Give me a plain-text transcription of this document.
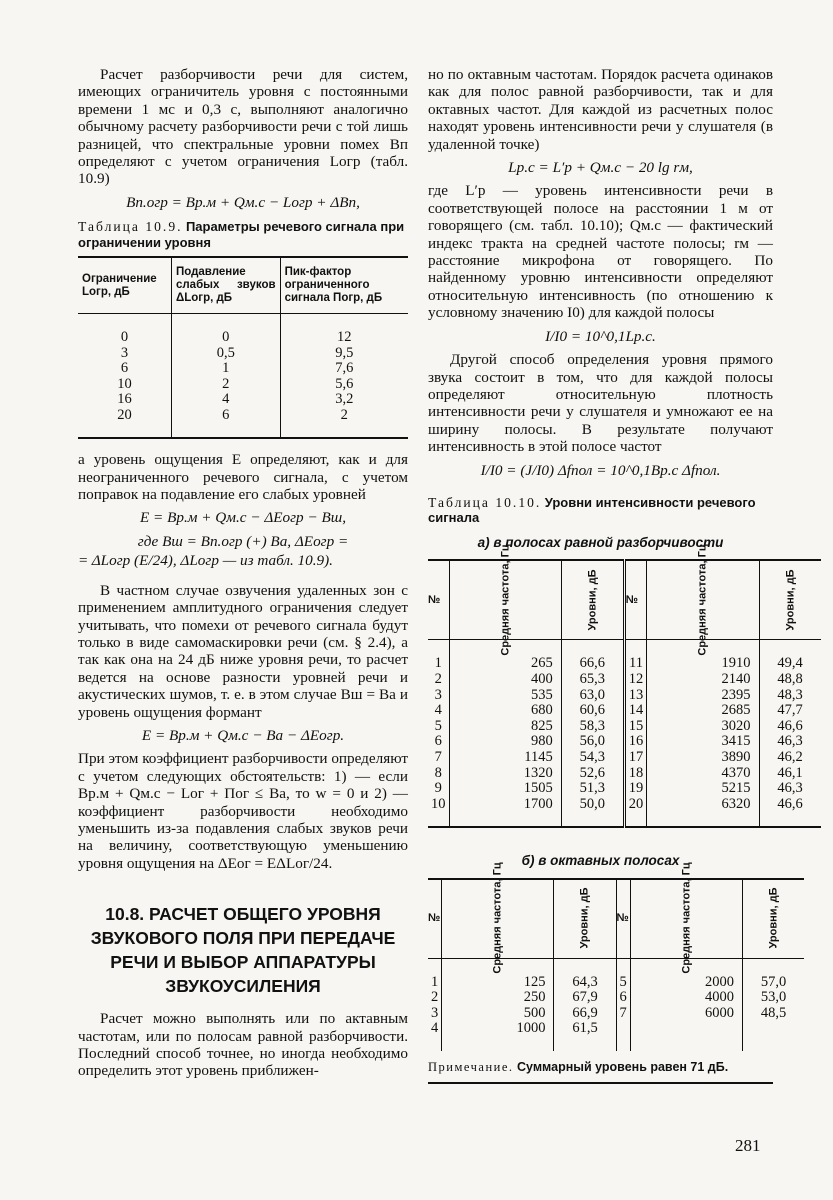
Расчет разборчивости речи для систем, имеющих ограничитель уровня с постоянными времени 1 мс и 0,3 с, выполняют аналогично обычному расчету разборчивости речи с той лишь разницей, что спектральные уровни помех Bп определяют с учетом ограничения Lогр (табл. 10.9)

Bп.огр = Bр.м + Qм.с − Lогр + ΔBп,
Таблица 10.9. Параметры речевого сигнала при ограничении уровня
Ограничение Lогр, дБ	Подавление слабых звуков ΔLогр, дБ	Пик-фактор ограниченного сигнала Пoгр, дБ
0	0	12
3	0,5	9,5
6	1	7,6
10	2	5,6
16	4	3,2
20	6	2

а уровень ощущения E определяют, как и для неограниченного речевого сигнала, с учетом поправок на подавление его слабых уровней

E = Bр.м + Qм.с − ΔEогр − Bш,
где Bш = Bп.огр (+) Bа, ΔEогр =
= ΔLогр (E/24), ΔLогр — из табл. 10.9).

В частном случае озвучения удаленных зон с применением амплитудного ограничения следует учитывать, что помехи от речевого сигнала будут только в виде самомаскировки речи (см. § 2.4), а так как она на 24 дБ ниже уровня речи, то расчет ведется на основе разности уровней речи и акустических шумов, т. е. в этом случае Bш = Bа и уровень ощущения формант

E = Bр.м + Qм.с − Bа − ΔEогр.

При этом коэффициент разборчивости определяют с учетом следующих обстоятельств: 1) — если Bр.м + Qм.с − Lог + Пог ≤ Bа, то w = 0 и 2) —коэффициент разборчивости необходимо уменьшить из-за подавления слабых звуков речи на величину, соответствующую уменьшению уровня ощущения на ΔEог = EΔLог/24.

10.8. РАСЧЕТ ОБЩЕГО УРОВНЯ ЗВУКОВОГО ПОЛЯ ПРИ ПЕРЕДАЧЕ РЕЧИ И ВЫБОР АППАРАТУРЫ ЗВУКОУСИЛЕНИЯ

Расчет можно выполнять или по актавным частотам, или по полосам равной разборчивости. Последний способ точнее, но иногда необходимо определить этот уровень приближен-

но по октавным частотам. Порядок расчета одинаков как для полос равной разборчивости, так и для октавных частот. Для каждой из расчетных полос находят уровень интенсивности речи у слушателя (в удаленной точке)

Lр.с = L′р + Qм.с − 20 lg rм,

где L′р — уровень интенсивности речи в соответствующей полосе на расстоянии 1 м от говорящего (см. табл. 10.10); Qм.с — фактический индекс тракта на средней частоте полосы; rм — расстояние микрофона от говорящего. По найденному уровню интенсивности определяют относительную интенсивность (по отношению к условному значению I0) для каждой полосы

I/I0 = 10^0,1Lр.с.

Другой способ определения уровня прямого звука состоит в том, что для каждой полосы определяют относительную плотность интенсивности речи у слушателя и умножают ее на ширину полосы. В результате получают интенсивность в этой полосе частот

I/I0 = (J/I0) Δfпол = 10^0,1Bр.с Δfпол.
Таблица 10.10. Уровни интенсивности речевого сигнала
а) в полосах равной разборчивости
№	Средняя частота, Гц	Уровни, дБ	№	Средняя частота, Гц	Уровни, дБ
1	265	66,6	11	1910	49,4
2	400	65,3	12	2140	48,8
3	535	63,0	13	2395	48,3
4	680	60,6	14	2685	47,7
5	825	58,3	15	3020	46,6
6	980	56,0	16	3415	46,3
7	1145	54,3	17	3890	46,2
8	1320	52,6	18	4370	46,1
9	1505	51,3	19	5215	46,3
10	1700	50,0	20	6320	46,6
б) в октавных полосах
№	Средняя частота, Гц	Уровни, дБ	№	Средняя частота, Гц	Уровни, дБ
1	125	64,3	5	2000	57,0
2	250	67,9	6	4000	53,0
3	500	66,9	7	6000	48,5
4	1000	61,5			
Примечание. Суммарный уровень равен 71 дБ.
281
